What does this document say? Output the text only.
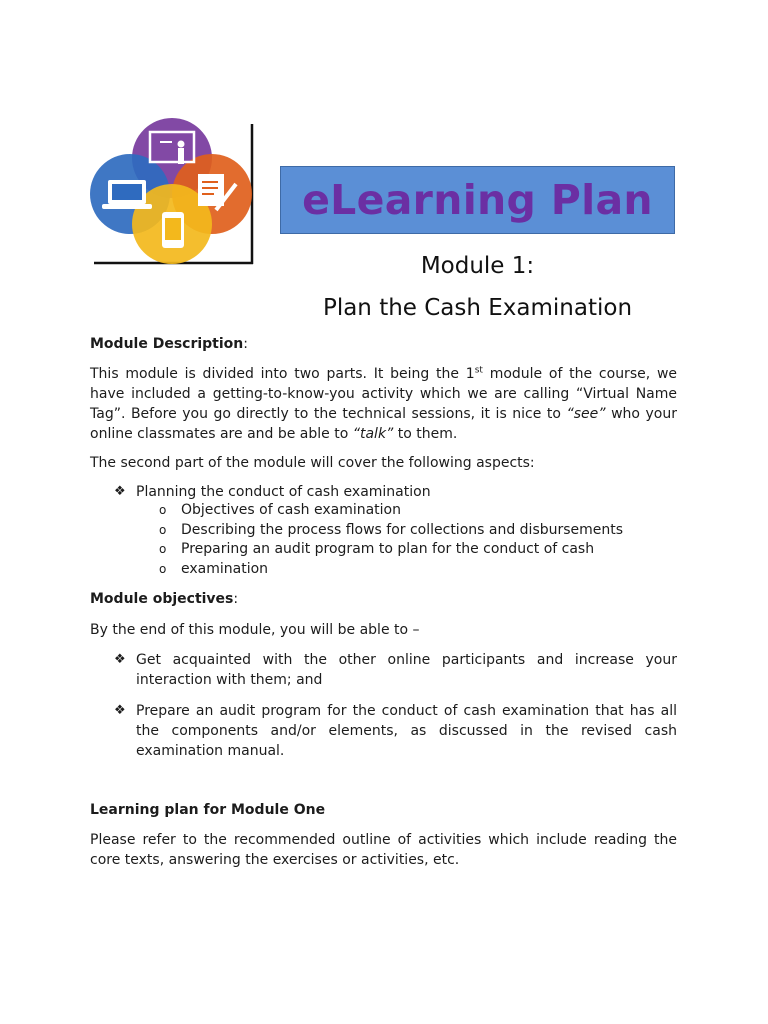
eLearning Plan
Module 1:
Plan the Cash Examination
Module Description:
This module is divided into two parts. It being the 1st module of the course, we have included a getting-to-know-you activity which we are calling “Virtual Name Tag”. Before you go directly to the technical sessions, it is nice to “see” who your online classmates are and be able to “talk” to them.
The second part of the module will cover the following aspects:
❖ Planning the conduct of cash examination
o	Objectives of cash examination
o	Describing the process flows for collections and disbursements
o	Preparing an audit program to plan for the conduct of cash examination
o
Module objectives:
By the end of this module, you will be able to –
❖ Get acquainted with the other online participants and increase your interaction with them; and
❖ Prepare an audit program for the conduct of cash examination that has all the components and/or elements, as discussed in the revised cash examination manual.
Learning plan for Module One
Please refer to the recommended outline of activities which include reading the core texts, answering the exercises or activities, etc.
